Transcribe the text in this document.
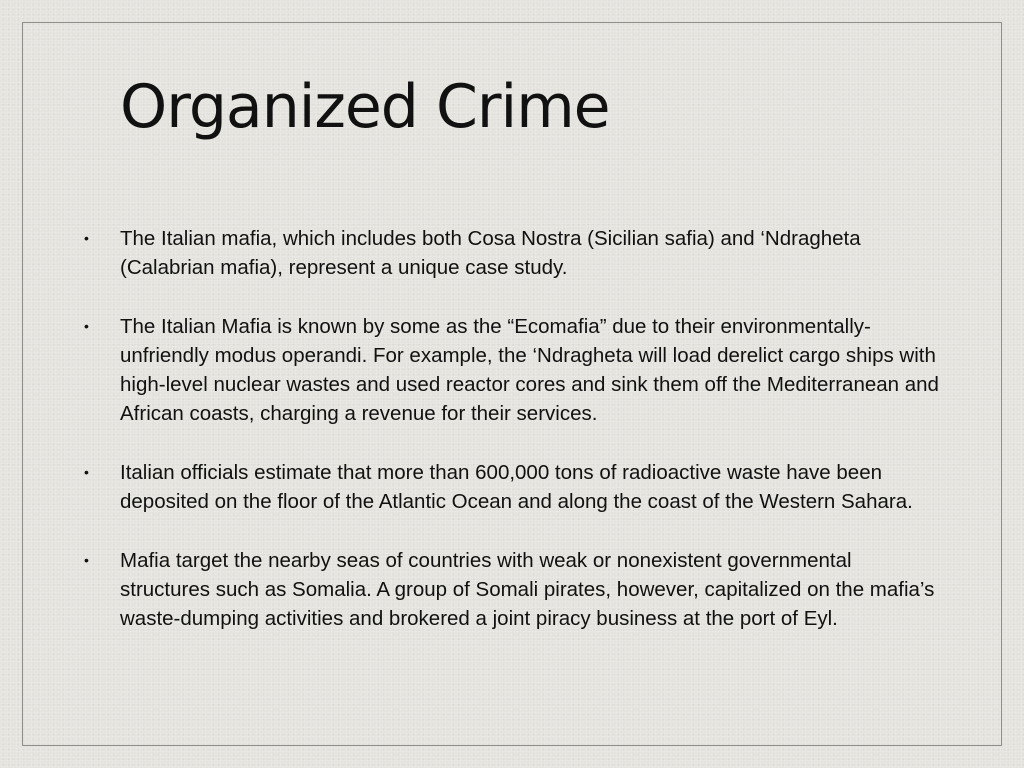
Organized Crime
• The Italian mafia, which includes both Cosa Nostra (Sicilian safia) and ‘Ndragheta (Calabrian mafia), represent a unique case study.
• The Italian Mafia is known by some as the “Ecomafia” due to their environmentally-unfriendly modus operandi. For example, the ‘Ndragheta will load derelict cargo ships with high-level nuclear wastes and used reactor cores and sink them off the Mediterranean and African coasts, charging a revenue for their services.
• Italian officials estimate that more than 600,000 tons of radioactive waste have been deposited on the floor of the Atlantic Ocean and along the coast of the Western Sahara.
• Mafia target the nearby seas of countries with weak or nonexistent governmental structures such as Somalia. A group of Somali pirates, however, capitalized on the mafia’s waste-dumping activities and brokered a joint piracy business at the port of Eyl.
